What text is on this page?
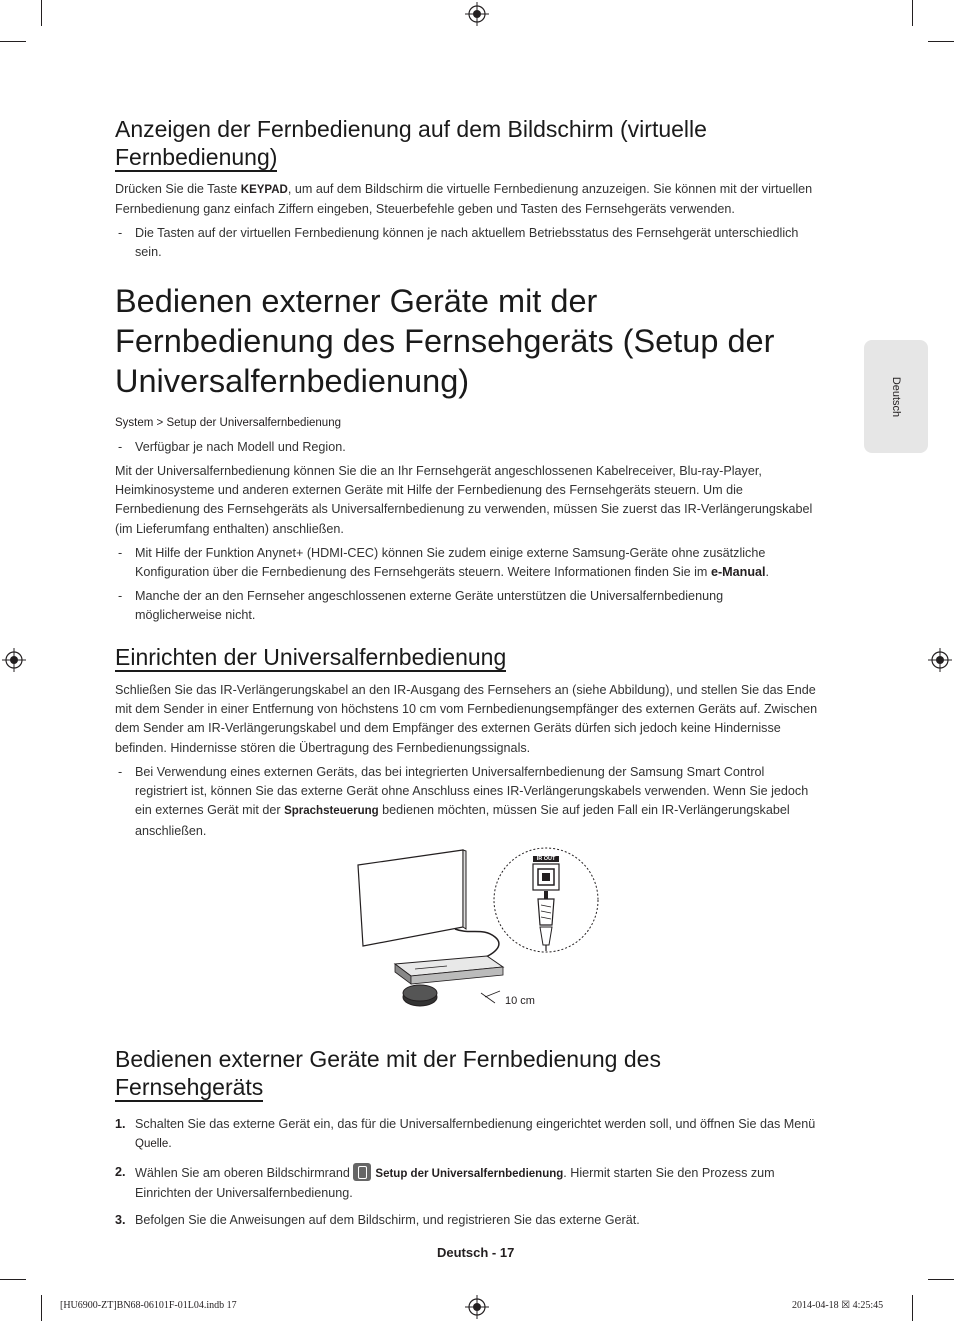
Deutsch
Anzeigen der Fernbedienung auf dem Bildschirm (virtuelle
Fernbedienung)
Drücken Sie die Taste KEYPAD, um auf dem Bildschirm die virtuelle Fernbedienung anzuzeigen. Sie können mit der virtuellen
Fernbedienung ganz einfach Ziffern eingeben, Steuerbefehle geben und Tasten des Fernsehgeräts verwenden.
- Die Tasten auf der virtuellen Fernbedienung können je nach aktuellem Betriebsstatus des Fernsehgerät unterschiedlich
sein.
Bedienen externer Geräte mit der
Fernbedienung des Fernsehgeräts (Setup der
Universalfernbedienung)
System > Setup der Universalfernbedienung
- Verfügbar je nach Modell und Region.
Mit der Universalfernbedienung können Sie die an Ihr Fernsehgerät angeschlossenen Kabelreceiver, Blu-ray-Player,
Heimkinosysteme und anderen externen Geräte mit Hilfe der Fernbedienung des Fernsehgeräts steuern. Um die
Fernbedienung des Fernsehgeräts als Universalfernbedienung zu verwenden, müssen Sie zuerst das IR-Verlängerungskabel
(im Lieferumfang enthalten) anschließen.
- Mit Hilfe der Funktion Anynet+ (HDMI-CEC) können Sie zudem einige externe Samsung-Geräte ohne zusätzliche
Konfiguration über die Fernbedienung des Fernsehgeräts steuern. Weitere Informationen finden Sie im e-Manual.
- Manche der an den Fernseher angeschlossenen externe Geräte unterstützen die Universalfernbedienung
möglicherweise nicht.
Einrichten der Universalfernbedienung
Schließen Sie das IR-Verlängerungskabel an den IR-Ausgang des Fernsehers an (siehe Abbildung), und stellen Sie das Ende
mit dem Sender in einer Entfernung von höchstens 10 cm vom Fernbedienungsempfänger des externen Geräts auf. Zwischen
dem Sender am IR-Verlängerungskabel und dem Empfänger des externen Geräts dürfen sich jedoch keine Hindernisse
befinden. Hindernisse stören die Übertragung des Fernbedienungssignals.
- Bei Verwendung eines externen Geräts, das bei integrierten Universalfernbedienung der Samsung Smart Control
registriert ist, können Sie das externe Gerät ohne Anschluss eines IR-Verlängerungskabels verwenden. Wenn Sie jedoch
ein externes Gerät mit der Sprachsteuerung bedienen möchten, müssen Sie auf jeden Fall ein IR-Verlängerungskabel
anschließen.
IR OUT
10 cm
Bedienen externer Geräte mit der Fernbedienung des
Fernsehgeräts
1. Schalten Sie das externe Gerät ein, das für die Universalfernbedienung eingerichtet werden soll, und öffnen Sie das Menü
Quelle.
2. Wählen Sie am oberen Bildschirmrand
Setup der Universalfernbedienung. Hiermit starten Sie den Prozess zum
Einrichten der Universalfernbedienung.
3. Befolgen Sie die Anweisungen auf dem Bildschirm, und registrieren Sie das externe Gerät.
Deutsch - 17
[HU6900-ZT]BN68-06101F-01L04.indb 17	2014-04-18 ☒ 4:25:45
